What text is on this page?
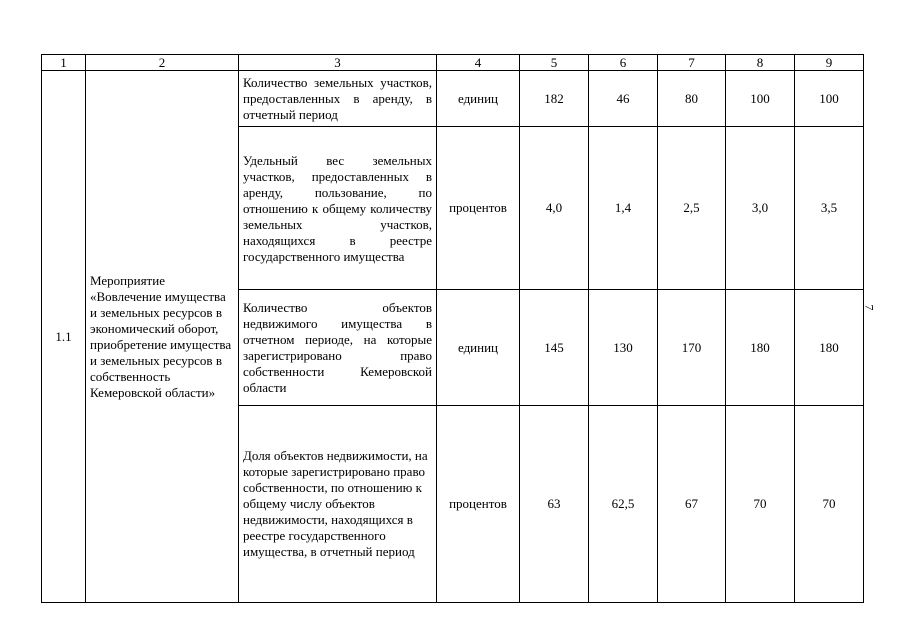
1	2	3	4	5	6	7	8	9
1.1	Мероприятие «Вовлечение имущества и земельных ресурсов в экономический оборот, приобретение имущества и земельных ресурсов в собственность Кемеровской области»	Количество земельных участков, предоставленных в аренду, в отчетный период	единиц	182	46	80	100	100
		Удельный вес земельных участков, предоставленных в аренду, пользование, по отношению к общему количеству земельных участков, находящихся в реестре государственного имущества	процентов	4,0	1,4	2,5	3,0	3,5
		Количество объектов недвижимого имущества в отчетном периоде, на которые зарегистрировано право собственности Кемеровской области	единиц	145	130	170	180	180
		Доля объектов недвижимости, на которые зарегистрировано право собственности, по отношению к общему числу объектов недвижимости, находящихся в реестре государственного имущества, в отчетный период	процентов	63	62,5	67	70	70
7
